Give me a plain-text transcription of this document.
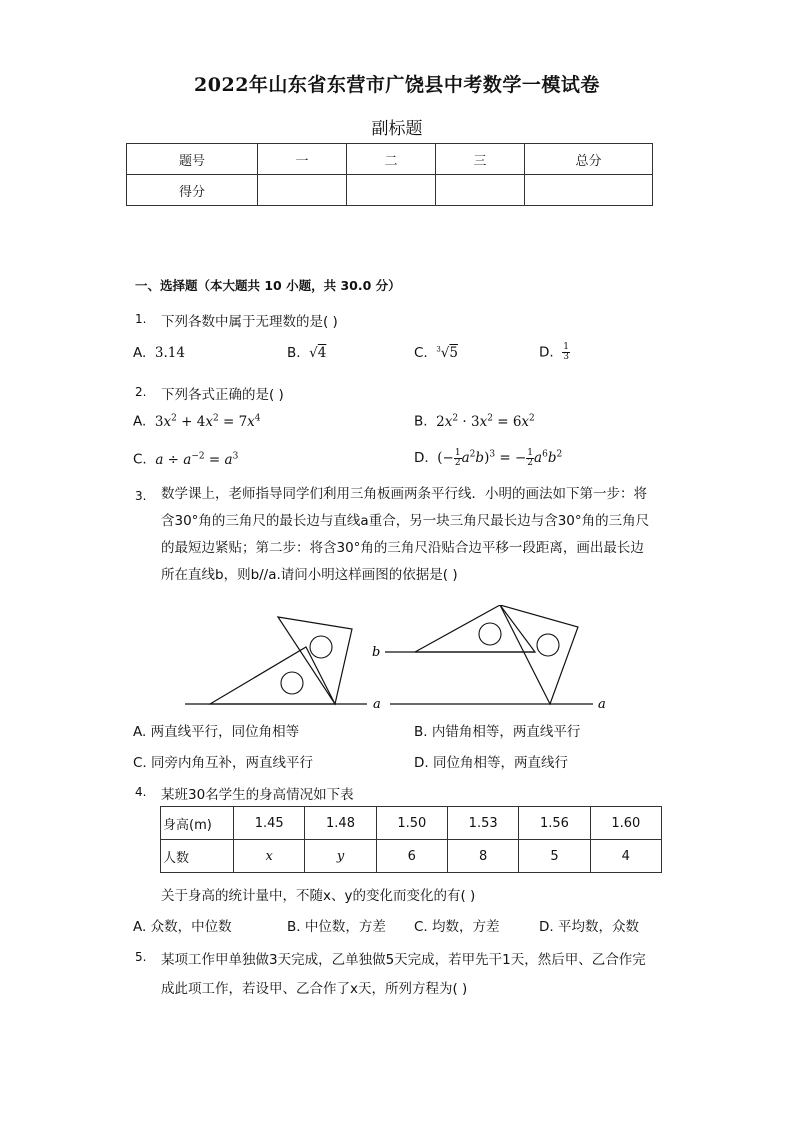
2022年山东省东营市广饶县中考数学一模试卷
副标题
题号	一	二	三	总分
得分				
一、选择题（本大题共 10 小题，共 30.0 分）
1. 下列各数中属于无理数的是( )
A. 3.14	B. √4	C. $^3$√5	D. $\frac{1}{3}$
2. 下列各式正确的是( )
A. $3x^2 + 4x^2 = 7x^4$	B. $2x^2 \cdot 3x^2 = 6x^2$
C. $a \div a^{-2} = a^3$	D. (− $\frac{1}{2} a^2b)^3$ = − $\frac{1}{2} a^6b^2$
3. 数学课上，老师指导同学们利用三角板画两条平行线．小明的画法如下第一步：将
含30°角的三角尺的最长边与直线a重合，另一块三角尺最长边与含30°角的三角尺
的最短边紧贴；第二步：将含30°角的三角尺沿贴合边平移一段距离，画出最长边
所在直线b，则b//a.请问小明这样画图的依据是( )
a
b
a
A. 两直线平行，同位角相等	B. 内错角相等，两直线平行
C. 同旁内角互补，两直线平行	D. 同位角相等，两直线行
4. 某班30名学生的身高情况如下表
身高(m)	1.45	1.48	1.50	1.53	1.56	1.60
人数	x	y	6	8	5	4
关于身高的统计量中，不随x、y的变化而变化的有( )
A. 众数，中位数	B. 中位数，方差 C. 均数，方差	D. 平均数，众数
5. 某项工作甲单独做3天完成，乙单独做5天完成，若甲先干1天，然后甲、乙合作完
成此项工作，若设甲、乙合作了x天，所列方程为( )
